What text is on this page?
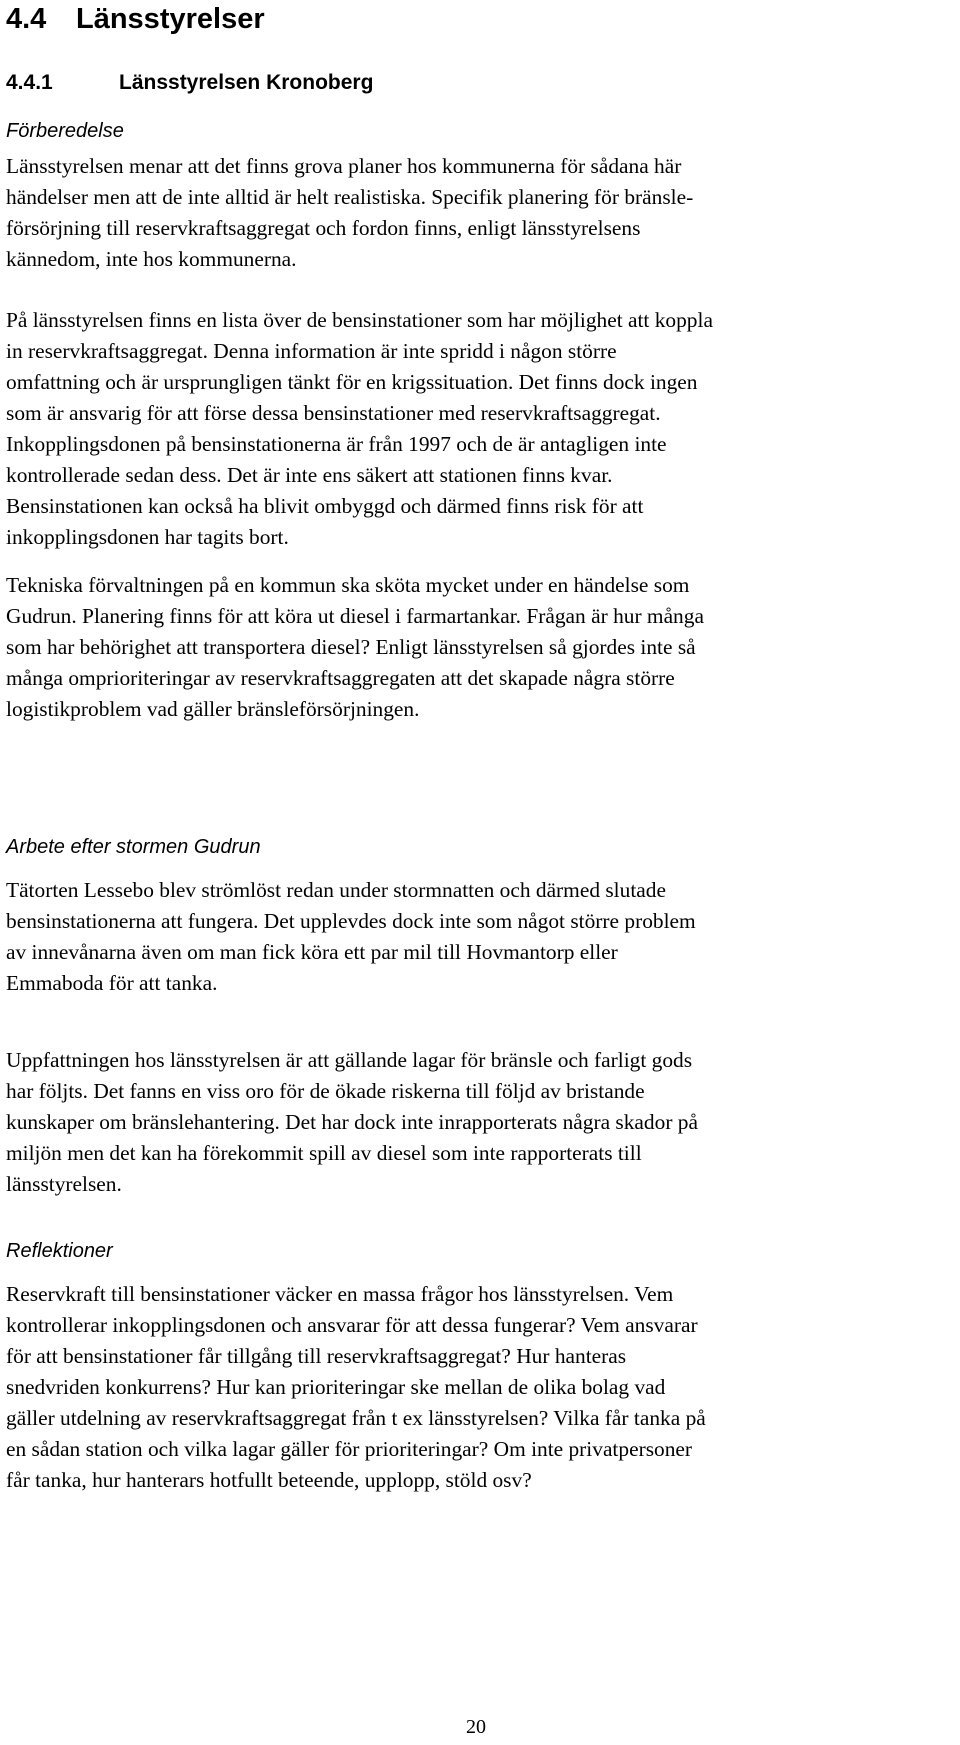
4.4 Länsstyrelser
4.4.1	Länsstyrelsen Kronoberg
Förberedelse

Länsstyrelsen menar att det finns grova planer hos kommunerna för sådana här
händelser men att de inte alltid är helt realistiska. Specifik planering för bränsle-
försörjning till reservkraftsaggregat och fordon finns, enligt länsstyrelsens
kännedom, inte hos kommunerna.

På länsstyrelsen finns en lista över de bensinstationer som har möjlighet att koppla
in reservkraftsaggregat. Denna information är inte spridd i någon större
omfattning och är ursprungligen tänkt för en krigssituation. Det finns dock ingen
som är ansvarig för att förse dessa bensinstationer med reservkraftsaggregat.
Inkopplingsdonen på bensinstationerna är från 1997 och de är antagligen inte
kontrollerade sedan dess. Det är inte ens säkert att stationen finns kvar.
Bensinstationen kan också ha blivit ombyggd och därmed finns risk för att
inkopplingsdonen har tagits bort.

Tekniska förvaltningen på en kommun ska sköta mycket under en händelse som
Gudrun. Planering finns för att köra ut diesel i farmartankar. Frågan är hur många
som har behörighet att transportera diesel? Enligt länsstyrelsen så gjordes inte så
många omprioriteringar av reservkraftsaggregaten att det skapade några större
logistikproblem vad gäller bränsleförsörjningen.

Arbete efter stormen Gudrun

Tätorten Lessebo blev strömlöst redan under stormnatten och därmed slutade
bensinstationerna att fungera. Det upplevdes dock inte som något större problem
av innevånarna även om man fick köra ett par mil till Hovmantorp eller
Emmaboda för att tanka.

Uppfattningen hos länsstyrelsen är att gällande lagar för bränsle och farligt gods
har följts. Det fanns en viss oro för de ökade riskerna till följd av bristande
kunskaper om bränslehantering. Det har dock inte inrapporterats några skador på
miljön men det kan ha förekommit spill av diesel som inte rapporterats till
länsstyrelsen.

Reflektioner

Reservkraft till bensinstationer väcker en massa frågor hos länsstyrelsen. Vem
kontrollerar inkopplingsdonen och ansvarar för att dessa fungerar? Vem ansvarar
för att bensinstationer får tillgång till reservkraftsaggregat? Hur hanteras
snedvriden konkurrens? Hur kan prioriteringar ske mellan de olika bolag vad
gäller utdelning av reservkraftsaggregat från t ex länsstyrelsen? Vilka får tanka på
en sådan station och vilka lagar gäller för prioriteringar? Om inte privatpersoner
får tanka, hur hanterars hotfullt beteende, upplopp, stöld osv?

20
